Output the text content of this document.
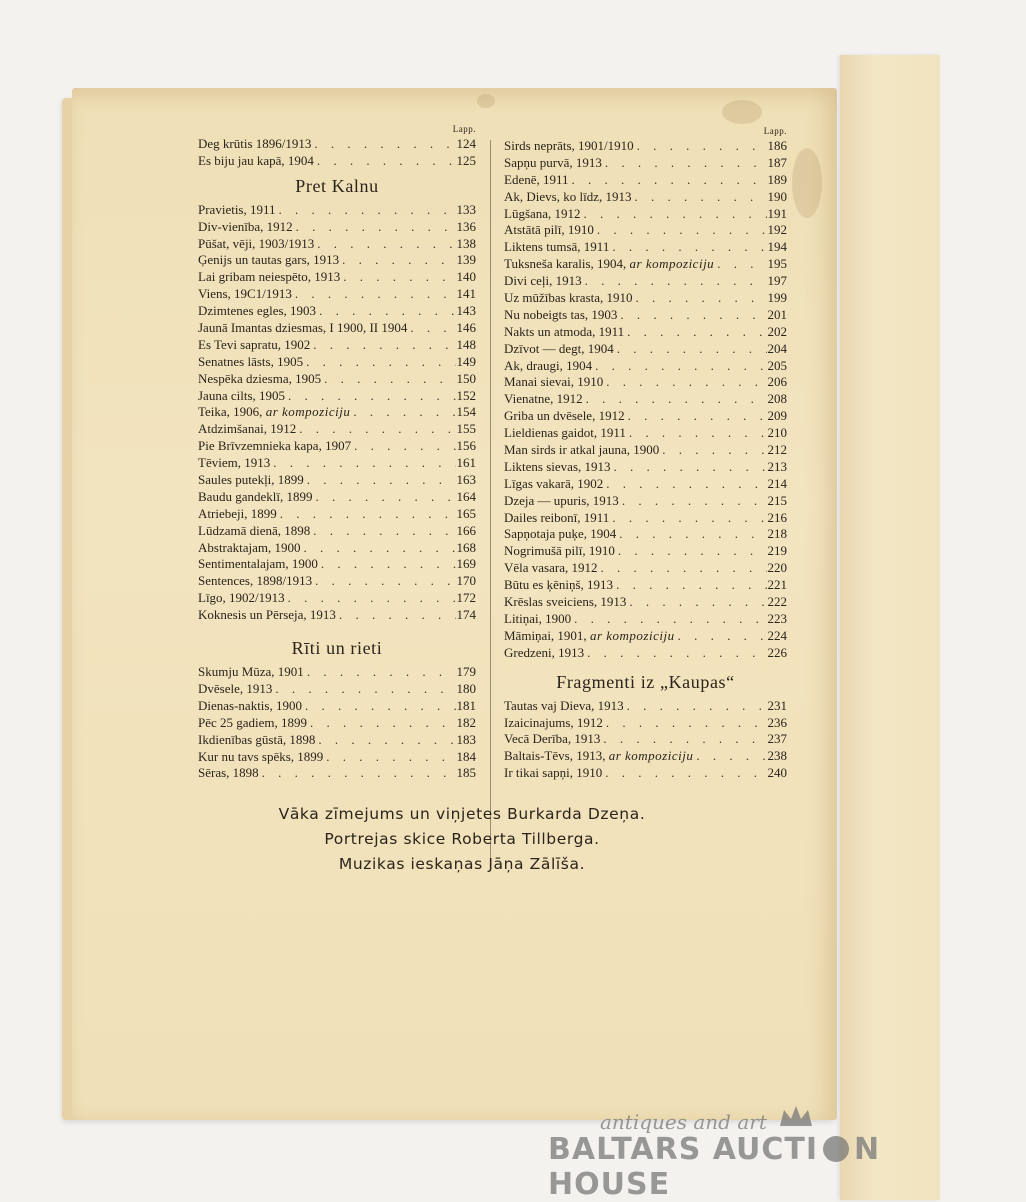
Lapp.
Deg krūtis 1896/1913 . . .	124
Es biju jau kapā, 1904 . . .	125
Pret Kalnu
Pravietis, 1911 . . .	133
Div-vienība, 1912 . . .	136
Pūšat, vēji, 1903/1913 . . .	138
Ģenijs un tautas gars, 1913 . . .	139
Lai gribam neiespēto, 1913 . . .	140
Viens, 19C1/1913 . . .	141
Dzimtenes egles, 1903 . . .	143
Jaunā Imantas dziesmas, I 1900, II 1904 . . .	146
Es Tevi sapratu, 1902 . . .	148
Senatnes lāsts, 1905 . . .	149
Nespēka dziesma, 1905 . . .	150
Jauna cilts, 1905 . . .	152
Teika, 1906, ar kompoziciju . . .	154
Atdzimšanai, 1912 . . .	155
Pie Brīvzemnieka kapa, 1907 . . .	156
Tēviem, 1913 . . .	161
Saules putekļi, 1899 . . .	163
Baudu gandeklī, 1899 . . .	164
Atriebeji, 1899 . . .	165
Lūdzamā dienā, 1898 . . .	166
Abstraktajam, 1900 . . .	168
Sentimentalajam, 1900 . . .	169
Sentences, 1898/1913 . . .	170
Līgo, 1902/1913 . . .	172
Koknesis un Pērseja, 1913 . . .	174
Rīti un rieti
Skumju Mūza, 1901 . . .	179
Dvēsele, 1913 . . .	180
Dienas-naktis, 1900 . . .	181
Pēc 25 gadiem, 1899 . . .	182
Ikdienības gūstā, 1898 . . .	183
Kur nu tavs spēks, 1899 . . .	184
Sēras, 1898 . . .	185
Lapp.
Sirds neprāts, 1901/1910 . . .	186
Sapņu purvā, 1913 . . .	187
Edenē, 1911 . . .	189
Ak, Dievs, ko līdz, 1913 . . .	190
Lūgšana, 1912 . . .	191
Atstātā pilī, 1910 . . .	192
Liktens tumsā, 1911 . . .	194
Tuksneša karalis, 1904, ar kompoziciju . . .	195
Divi ceļi, 1913 . . .	197
Uz mūžības krasta, 1910 . . .	199
Nu nobeigts tas, 1903 . . .	201
Nakts un atmoda, 1911 . . .	202
Dzīvot — degt, 1904 . . .	204
Ak, draugi, 1904 . . .	205
Manai sievai, 1910 . . .	206
Vienatne, 1912 . . .	208
Griba un dvēsele, 1912 . . .	209
Lieldienas gaidot, 1911 . . .	210
Man sirds ir atkal jauna, 1900 . . .	212
Liktens sievas, 1913 . . .	213
Līgas vakarā, 1902 . . .	214
Dzeja — upuris, 1913 . . .	215
Dailes reibonī, 1911 . . .	216
Sapņotaja puķe, 1904 . . .	218
Nogrimušā pilī, 1910 . . .	219
Vēla vasara, 1912 . . .	220
Būtu es ķēniņš, 1913 . . .	221
Krēslas sveiciens, 1913 . . .	222
Litiņai, 1900 . . .	223
Māmiņai, 1901, ar kompoziciju . . .	224
Gredzeni, 1913 . . .	226
Fragmenti iz „Kaupas“
Tautas vaj Dieva, 1913 . . .	231
Izaicinajums, 1912 . . .	236
Vecā Derība, 1913 . . .	237
Baltais-Tēvs, 1913, ar kompoziciju . . .	238
Ir tikai sapņi, 1910 . . .	240
Vāka zīmejums un viņjetes Burkarda Dzeņa.
Portrejas skice Roberta Tillberga.
Muzikas ieskaņas Jāņa Zālīša.
antiques and art
BALTARS AUCTI N HOUSE
